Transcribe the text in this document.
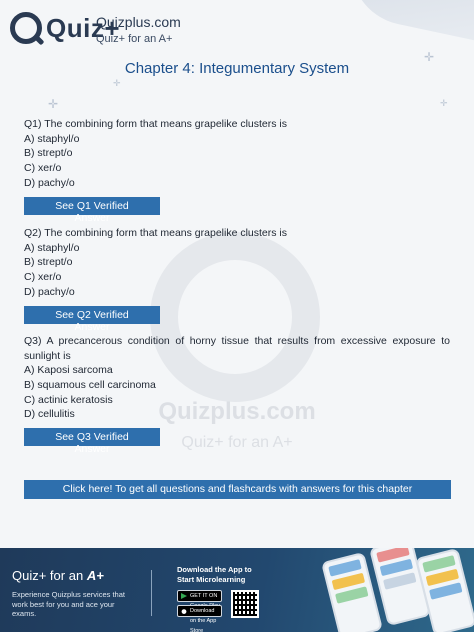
Quiz+
Quizplus.com
Quiz+ for an A+
✛
✛
✛
✛
Chapter 4: Integumentary System
Quizplus.com
Quiz+ for an A+
Q1) The combining form that means grapelike clusters is
A) staphyl/o
B) strept/o
C) xer/o
D) pachy/o
See Q1 Verified Answer
Q2) The combining form that means grapelike clusters is
A) staphyl/o
B) strept/o
C) xer/o
D) pachy/o
See Q2 Verified Answer
Q3) A precancerous condition of horny tissue that results from excessive exposure to sunlight is
A) Kaposi sarcoma
B) squamous cell carcinoma
C) actinic keratosis
D) cellulitis
See Q3 Verified Answer
Click here! To get all questions and flashcards with answers for this chapter
Quiz+ for an A+
Experience Quizplus services that work best for you and ace your exams.
Download the App to
Start Microlearning
GET IT ON
Download on the App Store
